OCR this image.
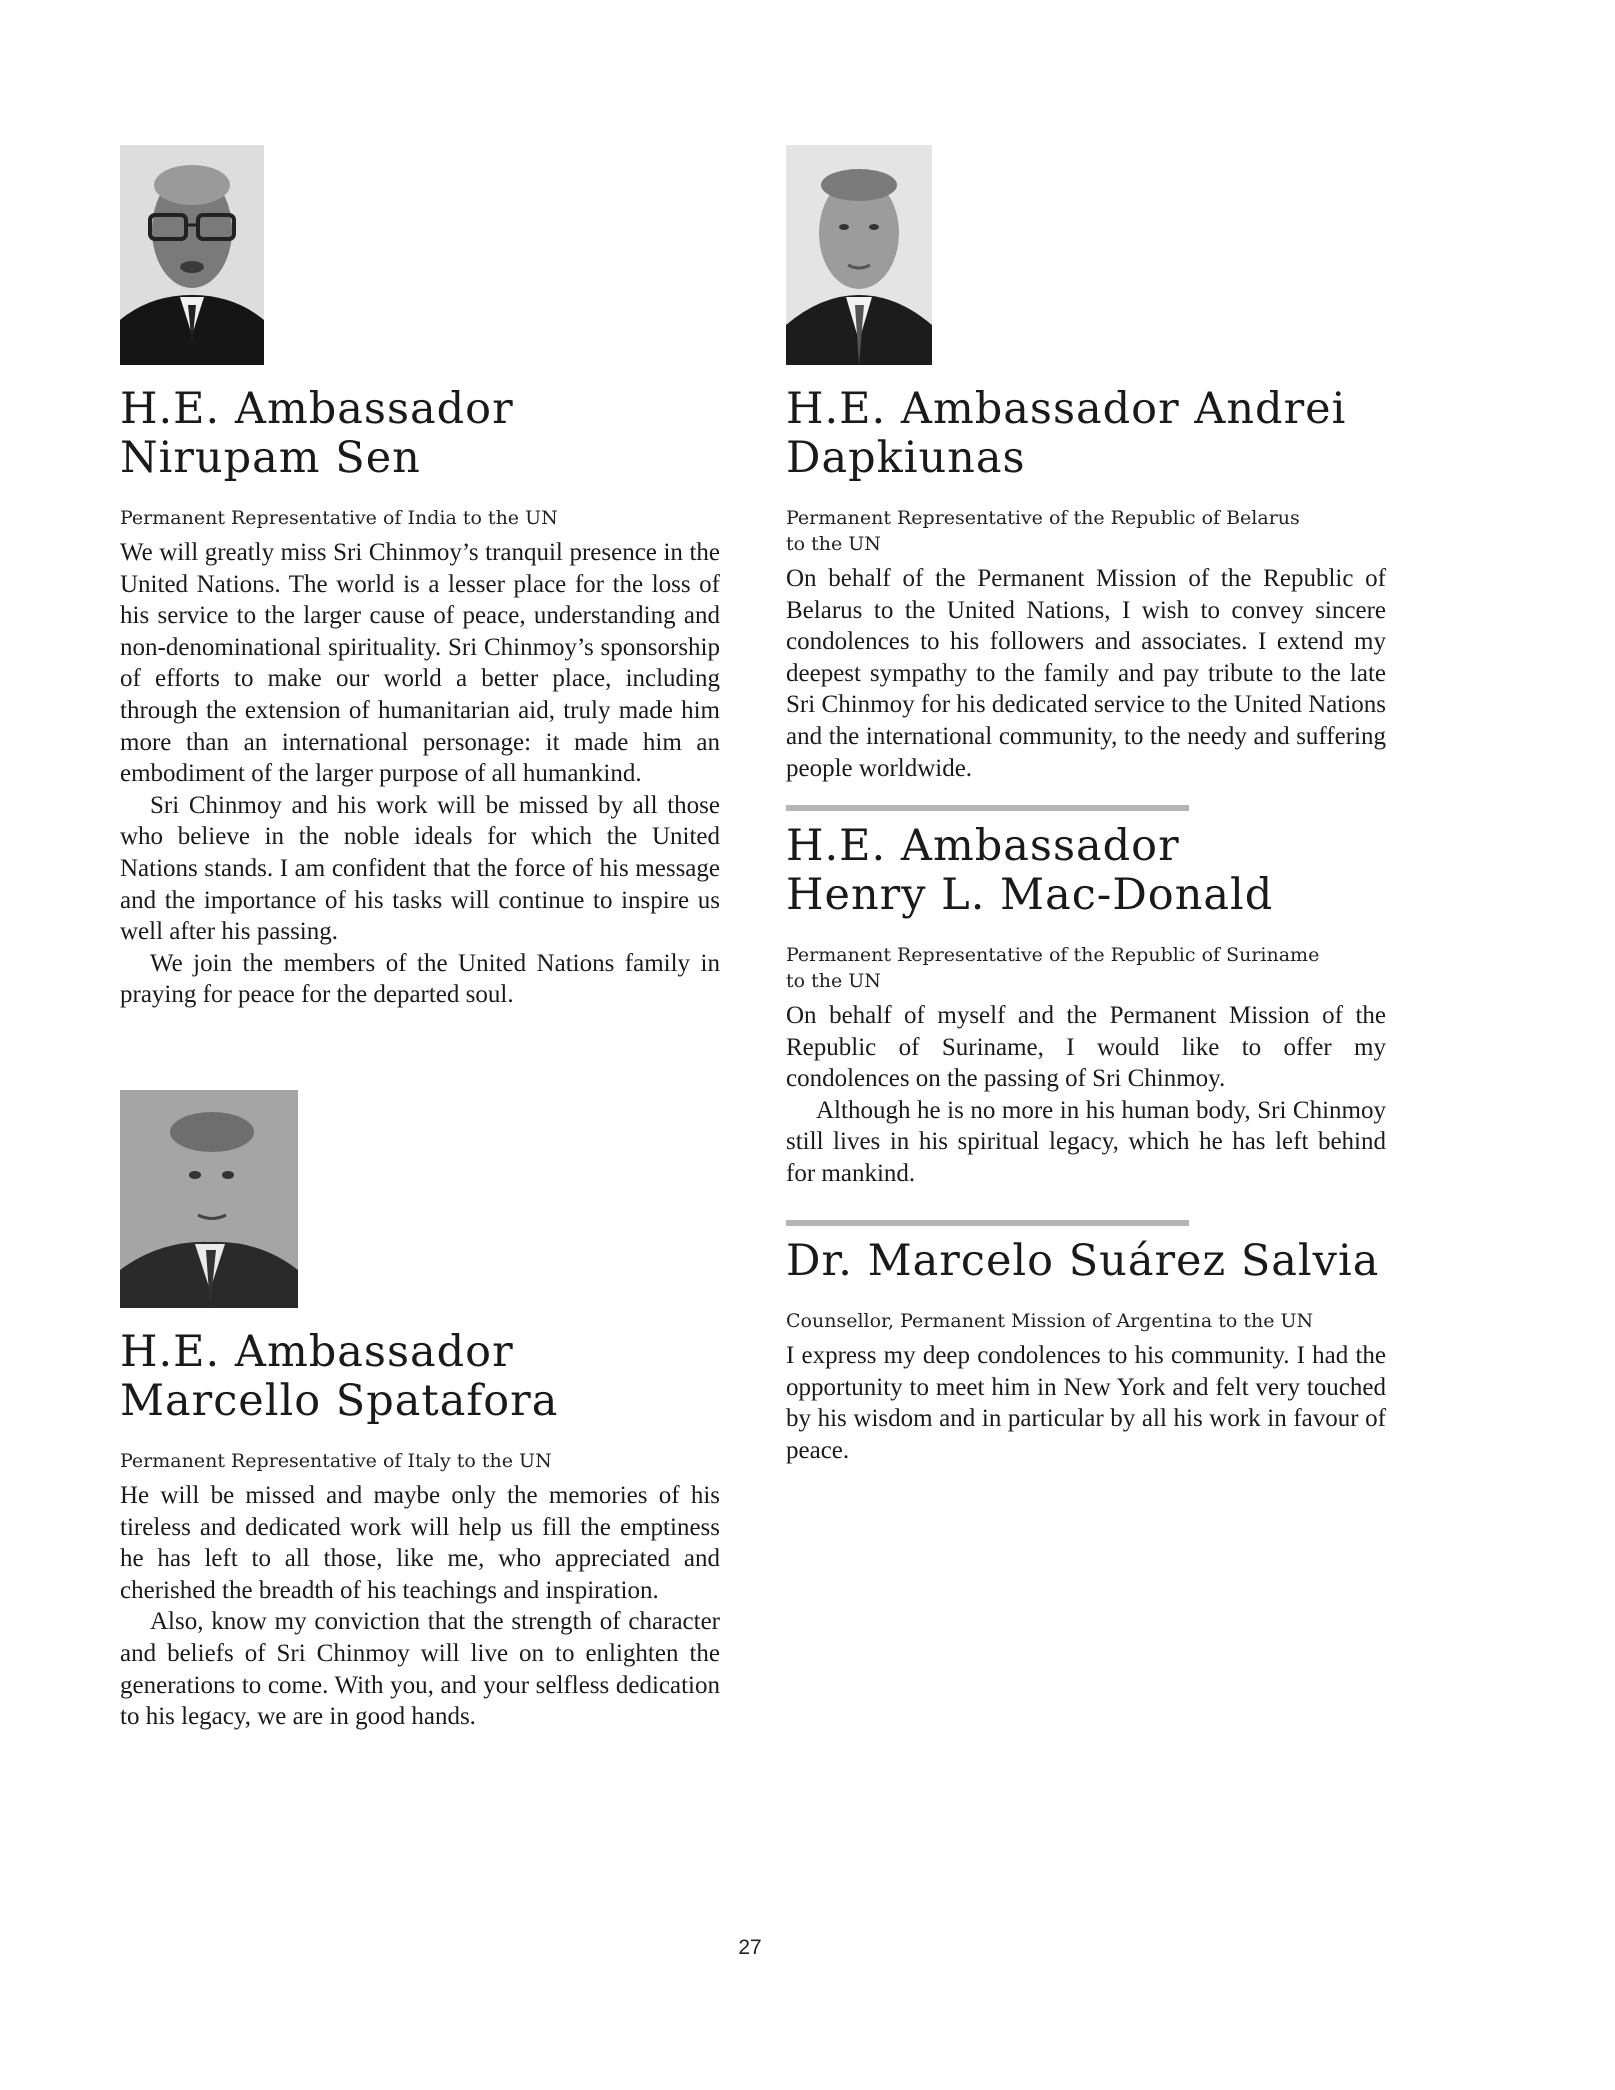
H.E. Ambassador
Nirupam Sen
Permanent Representative of India to the UN

We will greatly miss Sri Chinmoy’s tranquil presence in the United Nations. The world is a lesser place for the loss of his service to the larger cause of peace, understanding and non-denominational spirituality. Sri Chinmoy’s sponsorship of efforts to make our world a better place, including through the extension of humanitarian aid, truly made him more than an international personage: it made him an embodiment of the larger purpose of all humankind.

Sri Chinmoy and his work will be missed by all those who believe in the noble ideals for which the United Nations stands. I am confident that the force of his message and the importance of his tasks will continue to inspire us well after his passing.

We join the members of the United Nations family in praying for peace for the departed soul.

H.E. Ambassador
Marcello Spatafora
Permanent Representative of Italy to the UN

He will be missed and maybe only the memories of his tireless and dedicated work will help us fill the emptiness he has left to all those, like me, who appreciated and cherished the breadth of his teachings and inspiration.

Also, know my conviction that the strength of character and beliefs of Sri Chinmoy will live on to enlighten the generations to come. With you, and your selfless dedication to his legacy, we are in good hands.

H.E. Ambassador Andrei
Dapkiunas
Permanent Representative of the Republic of Belarus
to the UN

On behalf of the Permanent Mission of the Republic of Belarus to the United Nations, I wish to convey sincere condolences to his followers and associates. I extend my deepest sympathy to the family and pay tribute to the late Sri Chinmoy for his dedicated service to the United Nations and the international community, to the needy and suffering people worldwide.

H.E. Ambassador
Henry L. Mac-Donald
Permanent Representative of the Republic of Suriname
to the UN

On behalf of myself and the Permanent Mission of the Republic of Suriname, I would like to offer my condolences on the passing of Sri Chinmoy.

Although he is no more in his human body, Sri Chinmoy still lives in his spiritual legacy, which he has left behind for mankind.

Dr. Marcelo Suárez Salvia
Counsellor, Permanent Mission of Argentina to the UN

I express my deep condolences to his community. I had the opportunity to meet him in New York and felt very touched by his wisdom and in particular by all his work in favour of peace.

27
